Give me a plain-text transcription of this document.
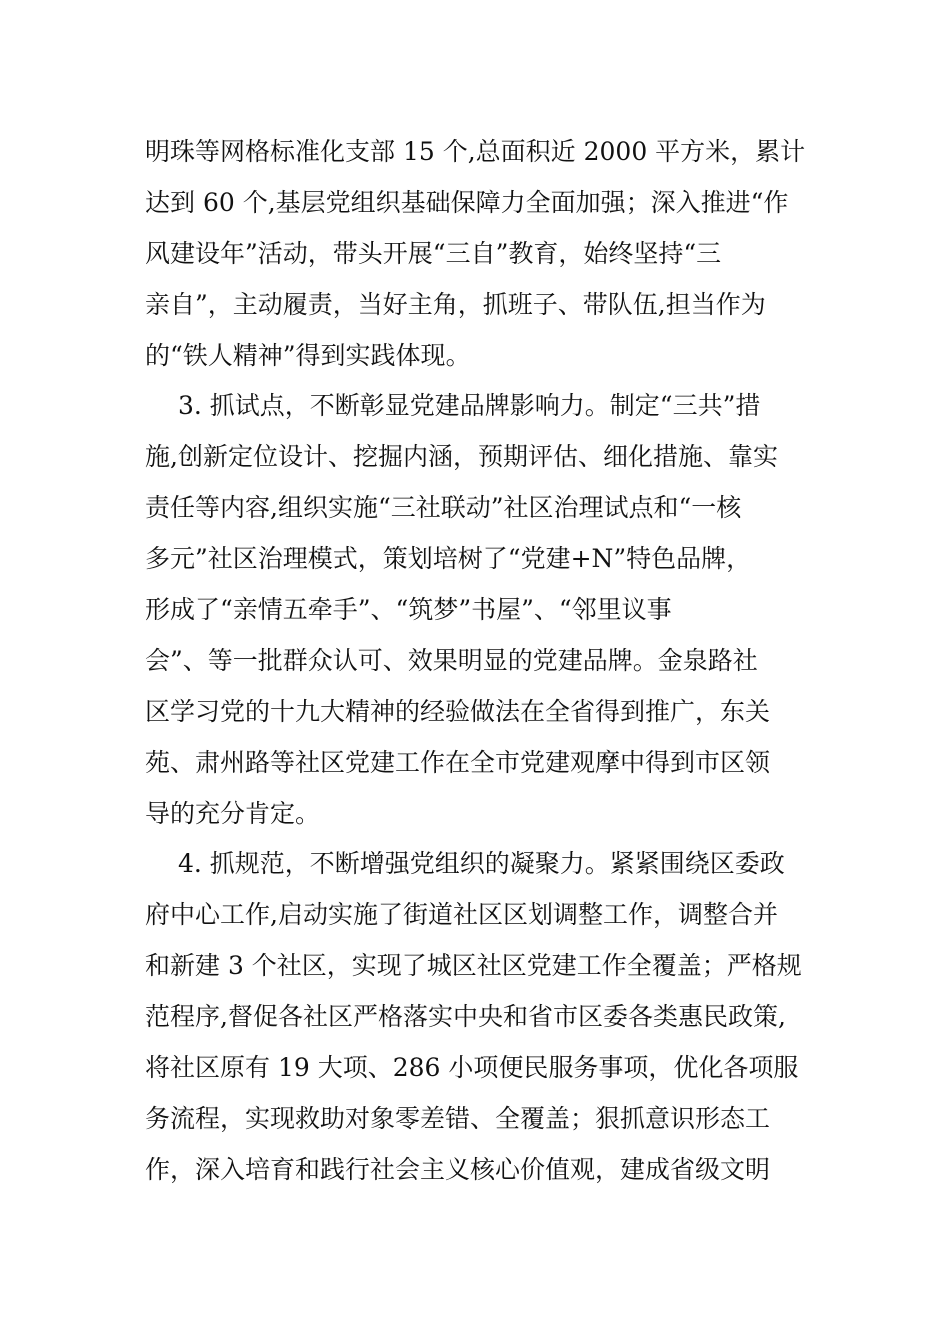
明珠等网格标准化支部 15 个,总面积近 2000 平方米，累计
达到 60 个,基层党组织基础保障力全面加强；深入推进“作
风建设年”活动，带头开展“三自”教育，始终坚持“三
亲自”，主动履责，当好主角，抓班子、带队伍,担当作为
的“铁人精神”得到实践体现。
3. 抓试点，不断彰显党建品牌影响力。制定“三共”措
施,创新定位设计、挖掘内涵，预期评估、细化措施、靠实
责任等内容,组织实施“三社联动”社区治理试点和“一核
多元”社区治理模式，策划培树了“党建+N”特色品牌，
形成了“亲情五牵手”、“筑梦”书屋”、“邻里议事
会”、等一批群众认可、效果明显的党建品牌。金泉路社
区学习党的十九大精神的经验做法在全省得到推广，东关
苑、肃州路等社区党建工作在全市党建观摩中得到市区领
导的充分肯定。
4. 抓规范，不断增强党组织的凝聚力。紧紧围绕区委政
府中心工作,启动实施了街道社区区划调整工作，调整合并
和新建 3 个社区，实现了城区社区党建工作全覆盖；严格规
范程序,督促各社区严格落实中央和省市区委各类惠民政策,
将社区原有 19 大项、286 小项便民服务事项，优化各项服
务流程，实现救助对象零差错、全覆盖；狠抓意识形态工
作，深入培育和践行社会主义核心价值观，建成省级文明
